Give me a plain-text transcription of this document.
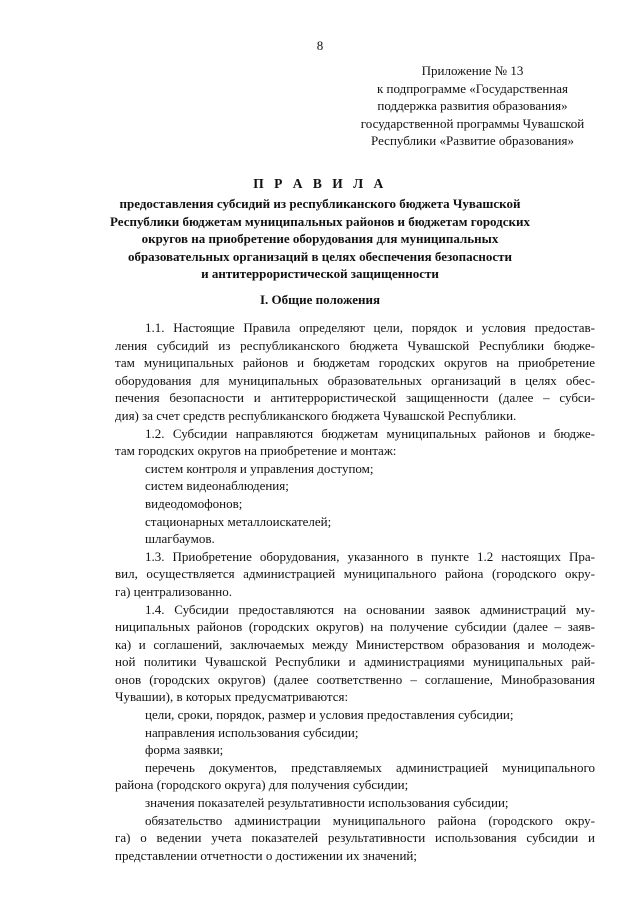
8
Приложение № 13
к подпрограмме «Государственная
поддержка развития образования»
государственной программы Чувашской
Республики «Развитие образования»
П Р А В И Л А
предоставления субсидий из республиканского бюджета Чувашской
Республики бюджетам муниципальных районов и бюджетам городских
округов на приобретение оборудования для муниципальных
образовательных организаций в целях обеспечения безопасности
и антитеррористической защищенности
I. Общие положения
1.1. Настоящие Правила определяют цели, порядок и условия предостав-
ления субсидий из республиканского бюджета Чувашской Республики бюдже-
там муниципальных районов и бюджетам городских округов на приобретение
оборудования для муниципальных образовательных организаций в целях обес-
печения безопасности и антитеррористической защищенности (далее – субси-
дия) за счет средств республиканского бюджета Чувашской Республики.
1.2. Субсидии направляются бюджетам муниципальных районов и бюдже-
там городских округов на приобретение и монтаж:
систем контроля и управления доступом;
систем видеонаблюдения;
видеодомофонов;
стационарных металлоискателей;
шлагбаумов.
1.3. Приобретение оборудования, указанного в пункте 1.2 настоящих Пра-
вил, осуществляется администрацией муниципального района (городского окру-
га) централизованно.
1.4. Субсидии предоставляются на основании заявок администраций му-
ниципальных районов (городских округов) на получение субсидии (далее – заяв-
ка) и соглашений, заключаемых между Министерством образования и молодеж-
ной политики Чувашской Республики и администрациями муниципальных рай-
онов (городских округов) (далее соответственно – соглашение, Минобразования
Чувашии), в которых предусматриваются:
цели, сроки, порядок, размер и условия предоставления субсидии;
направления использования субсидии;
форма заявки;
перечень документов, представляемых администрацией муниципального
района (городского округа) для получения субсидии;
значения показателей результативности использования субсидии;
обязательство администрации муниципального района (городского окру-
га) о ведении учета показателей результативности использования субсидии и
представлении отчетности о достижении их значений;
